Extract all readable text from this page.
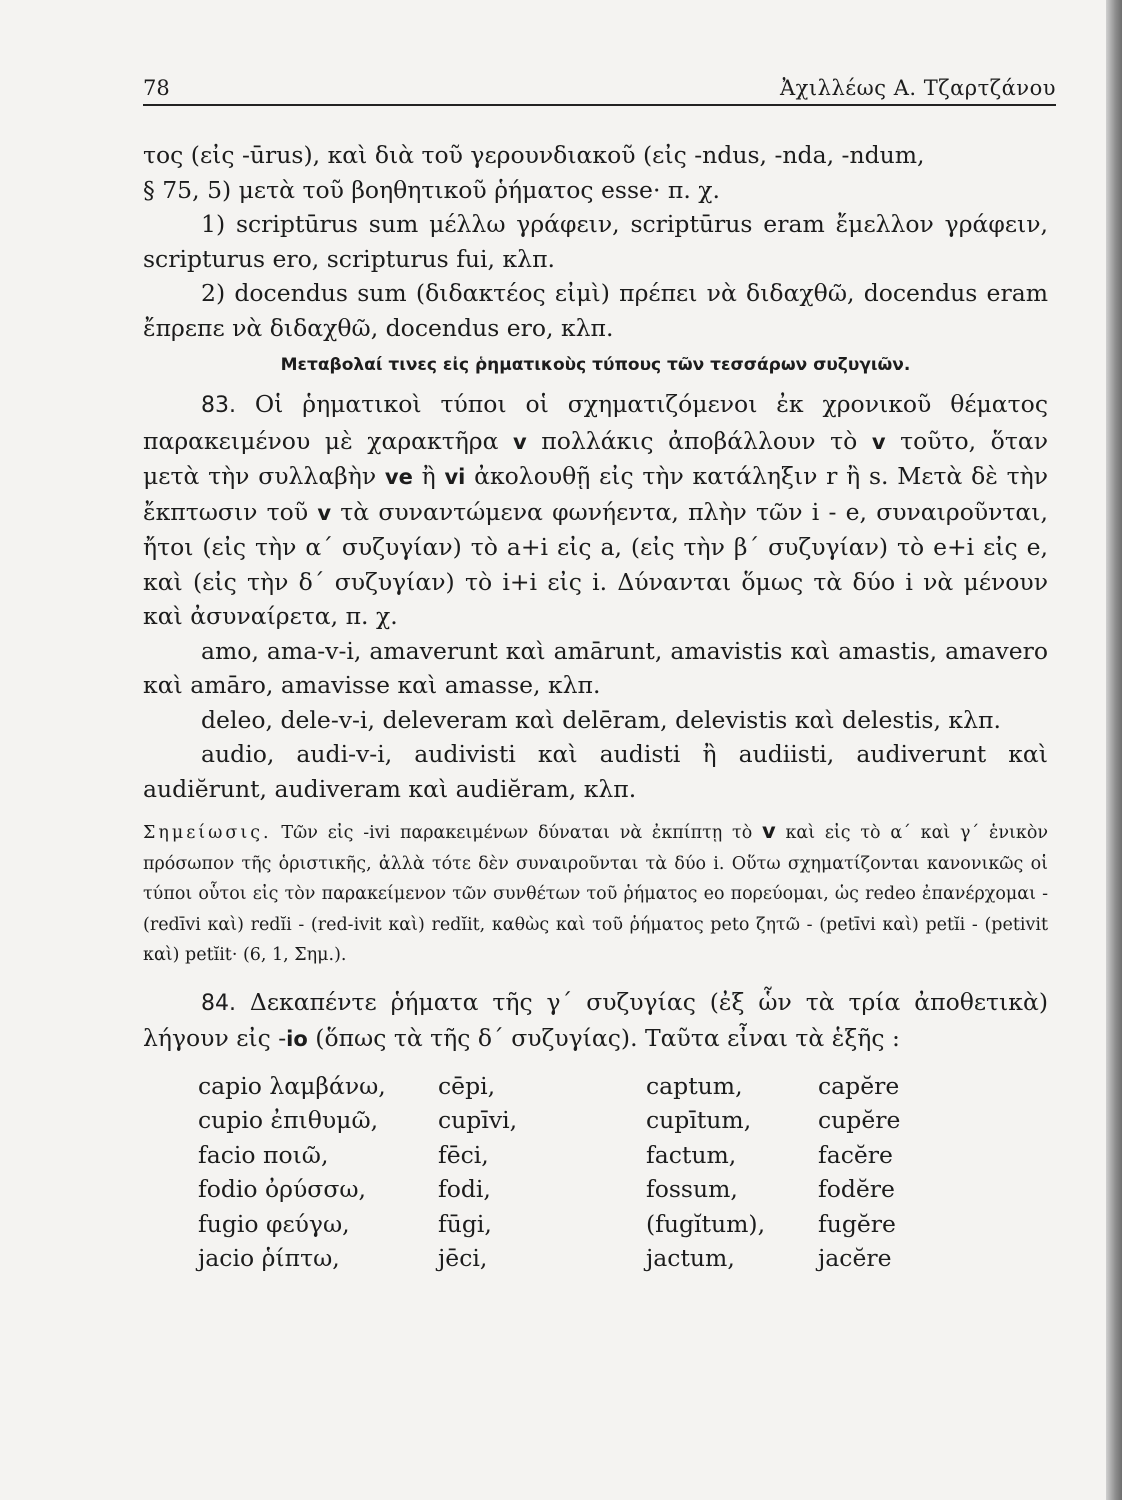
78	Ἀχιλλέως Α. Τζαρτζάνου

τος (εἰς -ūrus), καὶ διὰ τοῦ γερουνδιακοῦ (εἰς -ndus, -nda, -ndum,

§ 75, 5) μετὰ τοῦ βοηθητικοῦ ῥήματος esse· π. χ.

1) scriptūrus sum μέλλω γράφειν, scriptūrus eram ἔμελλον γράφειν, scripturus ero, scripturus fui, κλπ.

2) docendus sum (διδακτέος εἰμὶ) πρέπει νὰ διδαχθῶ, docendus eram ἔπρεπε νὰ διδαχθῶ, docendus ero, κλπ.

Μεταβολαί τινες εἰς ῥηματικοὺς τύπους τῶν τεσσάρων συζυγιῶν.

83. Οἱ ῥηματικοὶ τύποι οἱ σχηματιζόμενοι ἐκ χρονικοῦ θέματος παρακειμένου μὲ χαρακτῆρα v πολλάκις ἀποβάλλουν τὸ v τοῦτο, ὅταν μετὰ τὴν συλλαβὴν ve ἢ vi ἀκολουθῇ εἰς τὴν κατάληξιν r ἢ s. Μετὰ δὲ τὴν ἔκπτωσιν τοῦ v τὰ συναντώμενα φωνήεντα, πλὴν τῶν i - e, συναιροῦνται, ἤτοι (εἰς τὴν α΄ συζυγίαν) τὸ a+i εἰς a, (εἰς τὴν β΄ συζυγίαν) τὸ e+i εἰς e, καὶ (εἰς τὴν δ΄ συζυγίαν) τὸ i+i εἰς i. Δύνανται ὅμως τὰ δύο i νὰ μένουν καὶ ἀσυναίρετα, π. χ.

amo, ama-v-i, amaverunt καὶ amārunt, amavistis καὶ amastis, amavero καὶ amāro, amavisse καὶ amasse, κλπ.

deleo, dele-v-i, deleveram καὶ delēram, delevistis καὶ delestis, κλπ.

audio, audi-v-i, audivisti καὶ audisti ἢ audiisti, audiverunt καὶ audiĕrunt, audiveram καὶ audiĕram, κλπ.

Σημείωσις. Τῶν εἰς -ivi παρακειμένων δύναται νὰ ἐκπίπτῃ τὸ v καὶ εἰς τὸ α΄ καὶ γ΄ ἑνικὸν πρόσωπον τῆς ὁριστικῆς, ἀλλὰ τότε δὲν συναιροῦνται τὰ δύο i. Οὕτω σχηματίζονται κανονικῶς οἱ τύποι οὗτοι εἰς τὸν παρακείμενον τῶν συνθέτων τοῦ ῥήματος eo πορεύομαι, ὡς redeo ἐπανέρχομαι - (redīvi καὶ) redĭi - (red-ivit καὶ) redĭit, καθὼς καὶ τοῦ ῥήματος peto ζητῶ - (petīvi καὶ) petĭi - (petivit καὶ) petĭit· (6, 1, Σημ.).

84. Δεκαπέντε ῥήματα τῆς γ΄ συζυγίας (ἐξ ὧν τὰ τρία ἀποθετικὰ) λήγουν εἰς -io (ὅπως τὰ τῆς δ΄ συζυγίας). Ταῦτα εἶναι τὰ ἑξῆς :

capio λαμβάνω,	cēpi,	captum,	capĕre
cupio ἐπιθυμῶ,	cupīvi,	cupītum,	cupĕre
facio ποιῶ,	fēci,	factum,	facĕre
fodio ὀρύσσω,	fodi,	fossum,	fodĕre
fugio φεύγω,	fūgi,	(fugĭtum),	fugĕre
jacio ῥίπτω,	jēci,	jactum,	jacĕre
